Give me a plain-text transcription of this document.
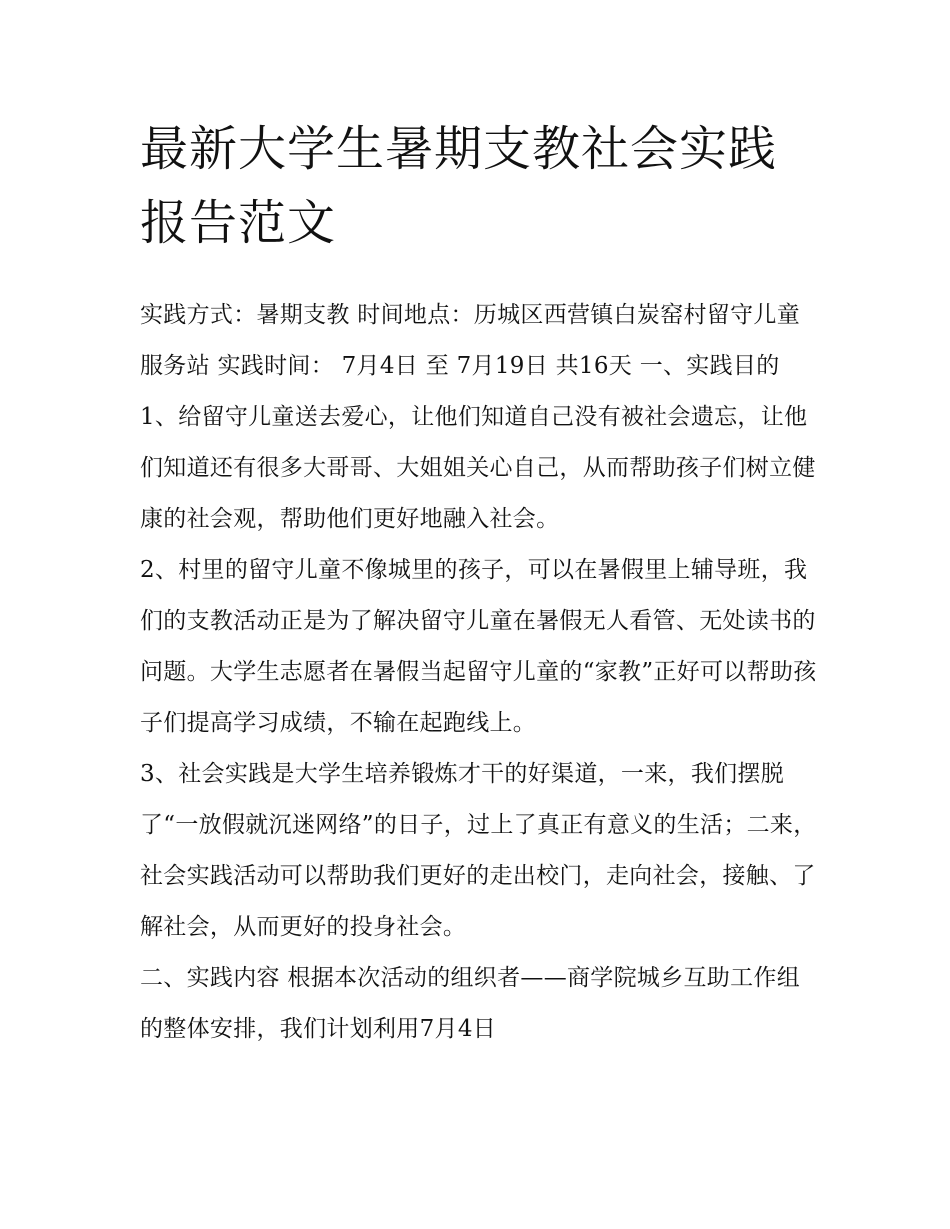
最新大学生暑期支教社会实践报告范文

实践方式：暑期支教 时间地点：历城区西营镇白炭窑村留守儿童服务站 实践时间： 7月4日 至 7月19日 共16天 一、实践目的

1、给留守儿童送去爱心，让他们知道自己没有被社会遗忘，让他们知道还有很多大哥哥、大姐姐关心自己，从而帮助孩子们树立健康的社会观，帮助他们更好地融入社会。

2、村里的留守儿童不像城里的孩子，可以在暑假里上辅导班，我们的支教活动正是为了解决留守儿童在暑假无人看管、无处读书的问题。大学生志愿者在暑假当起留守儿童的“家教”正好可以帮助孩子们提高学习成绩，不输在起跑线上。

3、社会实践是大学生培养锻炼才干的好渠道，一来，我们摆脱了“一放假就沉迷网络”的日子，过上了真正有意义的生活；二来，社会实践活动可以帮助我们更好的走出校门，走向社会，接触、了解社会，从而更好的投身社会。

二、实践内容 根据本次活动的组织者——商学院城乡互助工作组的整体安排，我们计划利用7月4日
